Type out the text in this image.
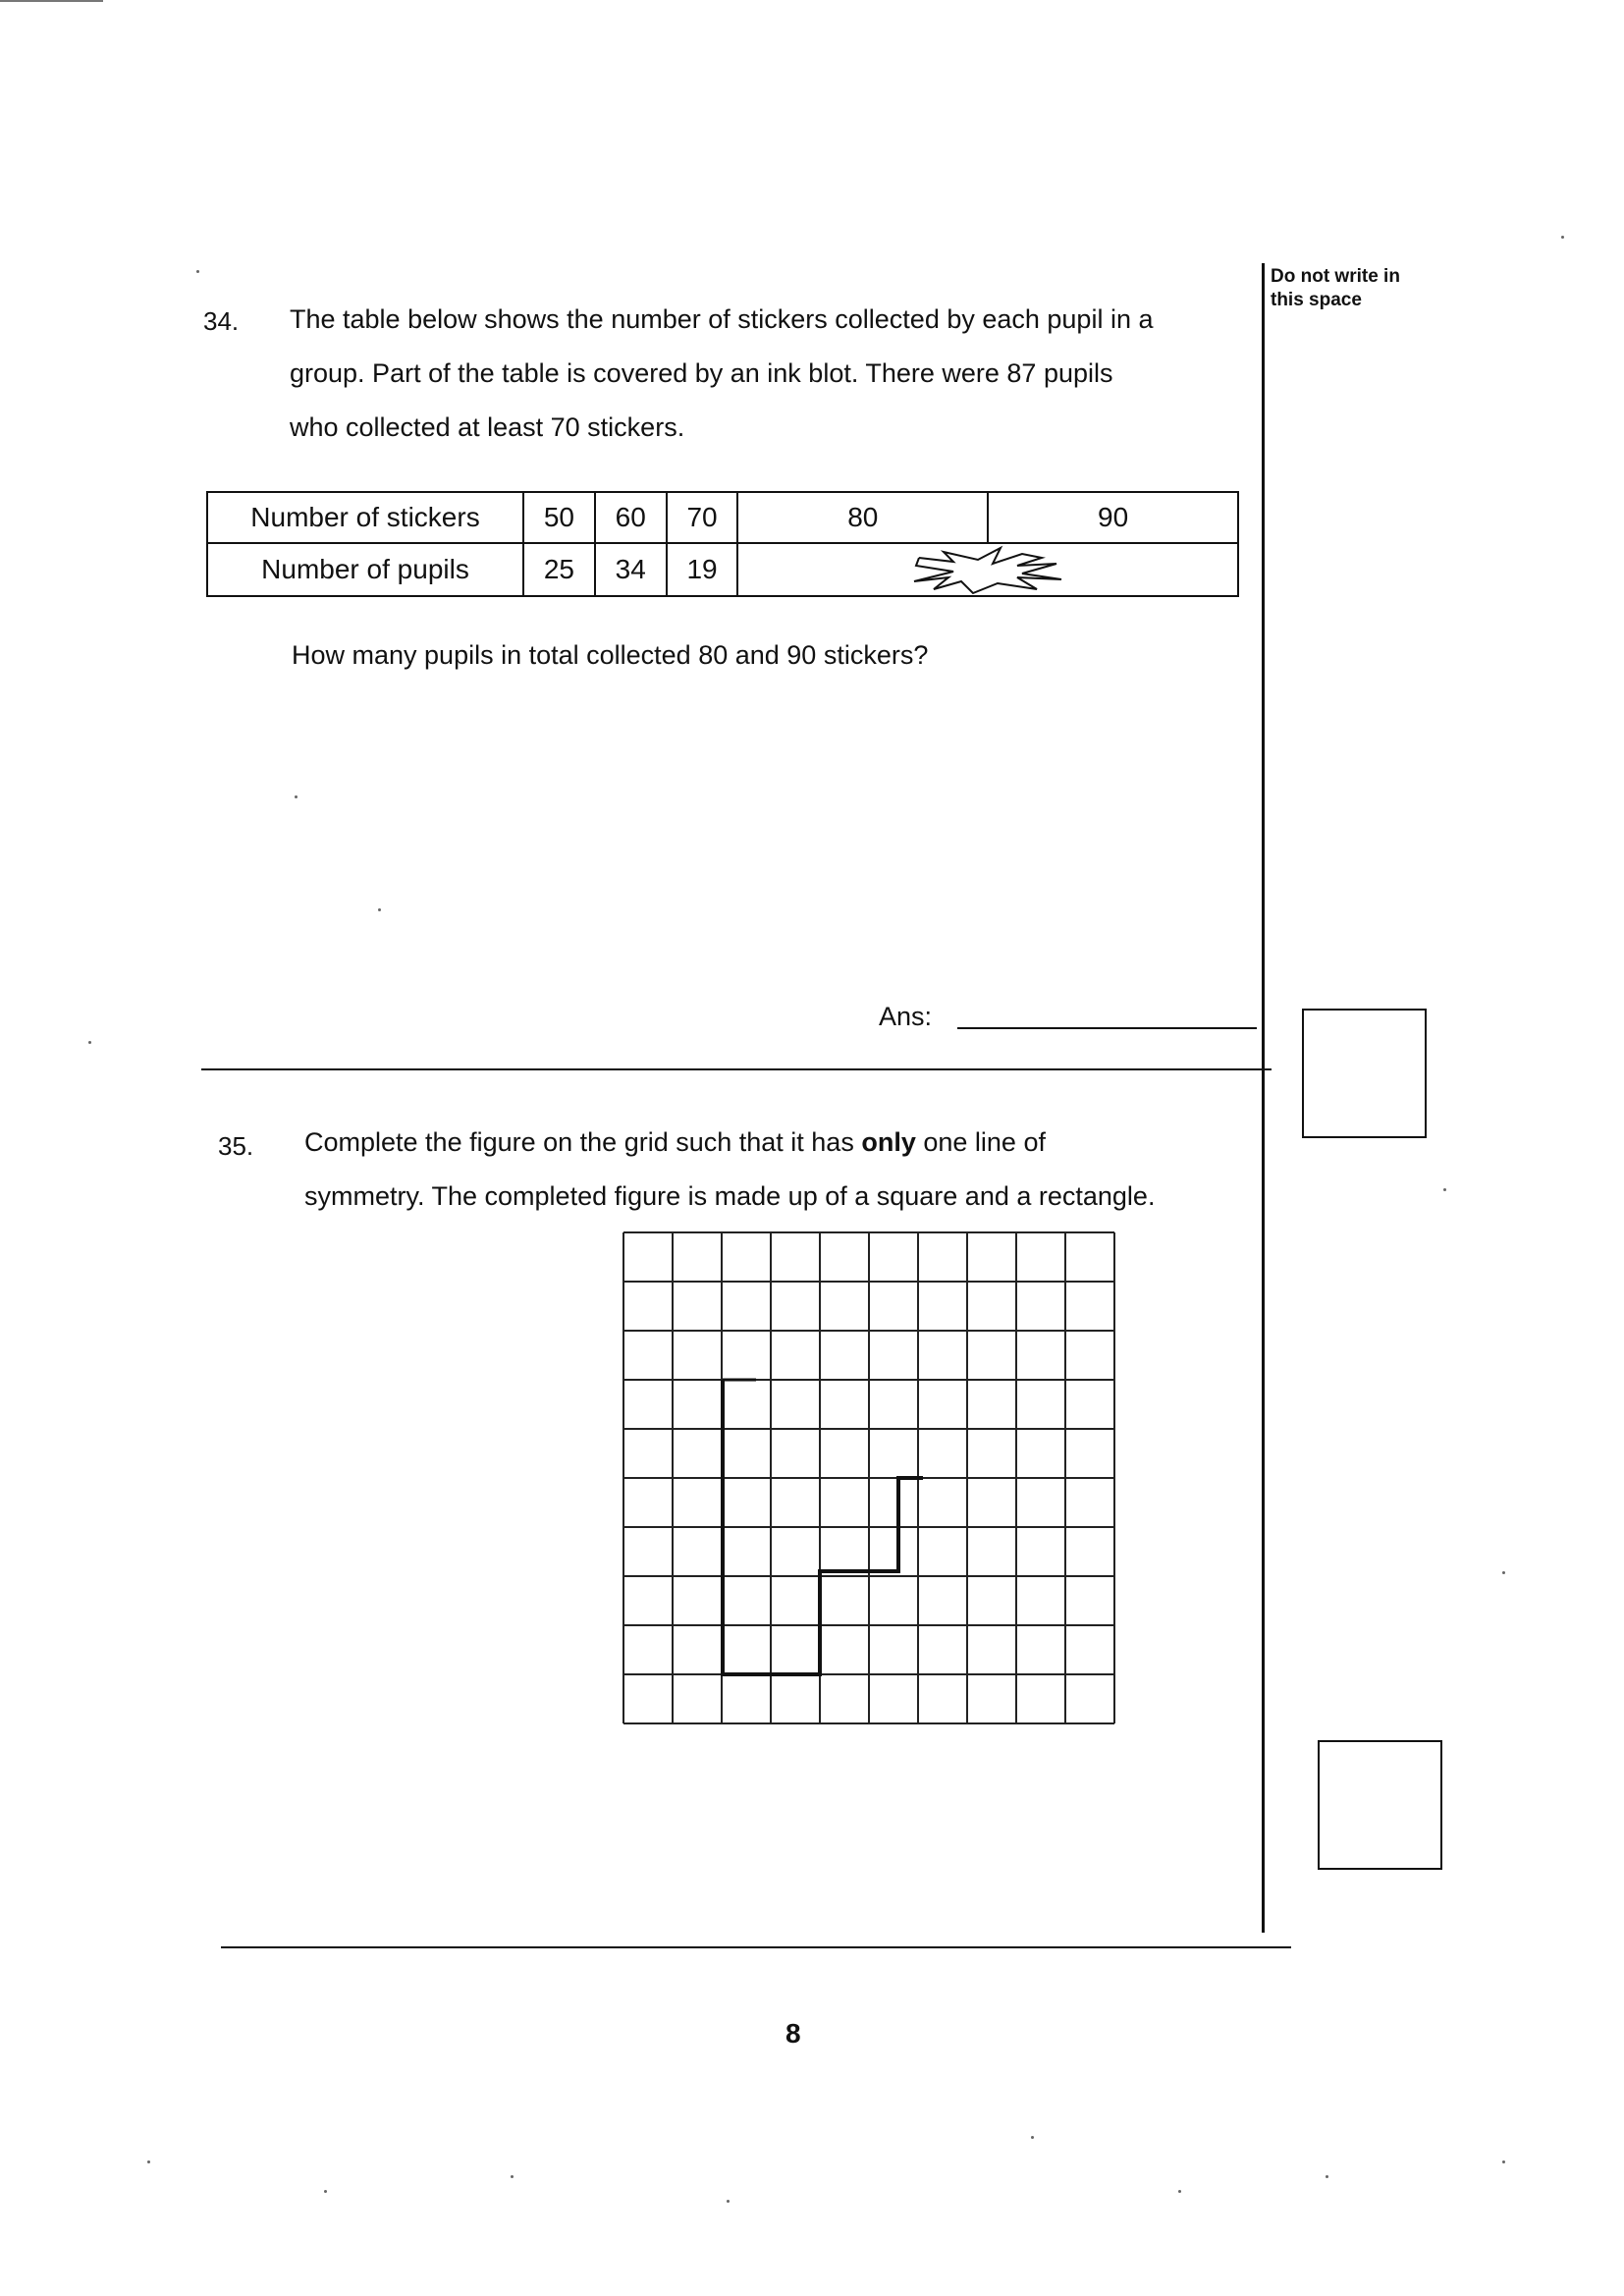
Do not write in this space
34. The table below shows the number of stickers collected by each pupil in a
group. Part of the table is covered by an ink blot. There were 87 pupils
who collected at least 70 stickers.
Number of stickers	50	60	70	80	90
Number of pupils	25	34	19	
How many pupils in total collected 80 and 90 stickers?
Ans:
35. Complete the figure on the grid such that it has only one line of
symmetry. The completed figure is made up of a square and a rectangle.
8
